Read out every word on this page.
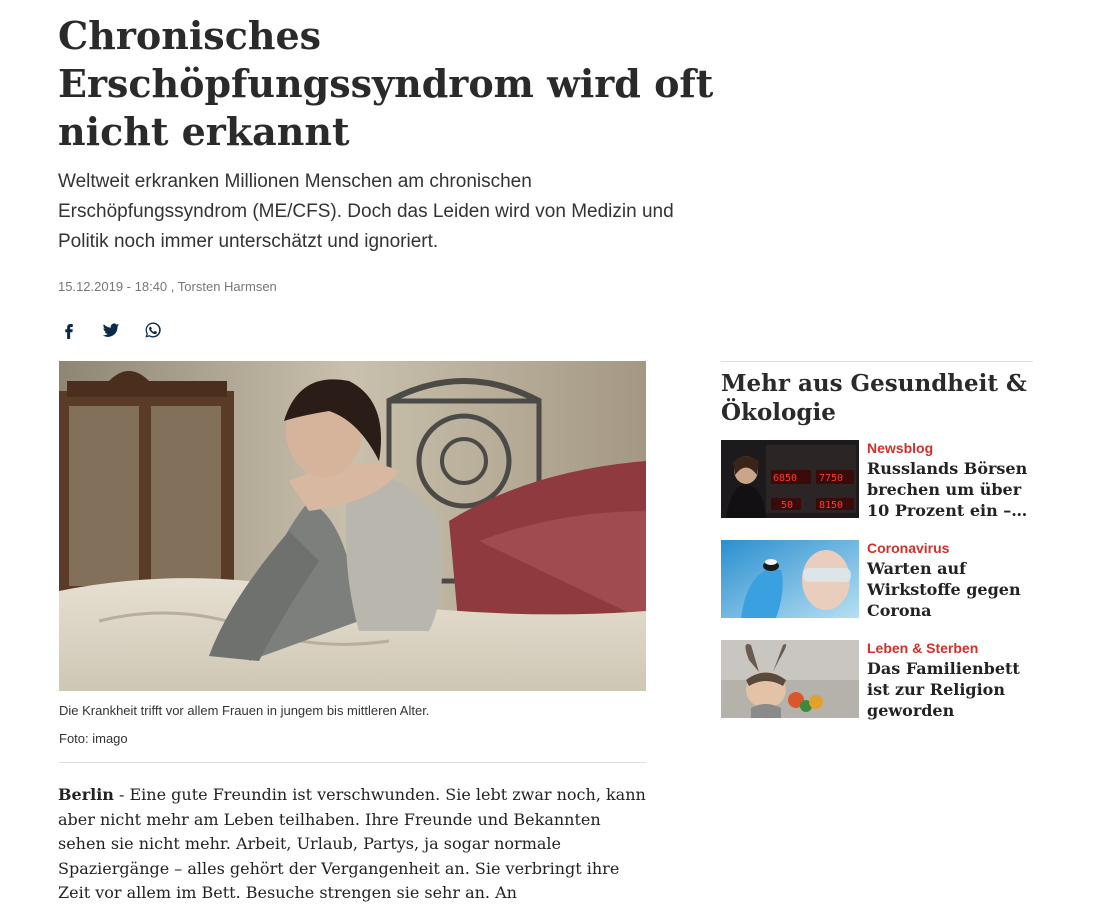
Chronisches Erschöpfungssyndrom wird oft nicht erkannt

Weltweit erkranken Millionen Menschen am chronischen Erschöpfungssyndrom (ME/CFS). Doch das Leiden wird von Medizin und Politik noch immer unterschätzt und ignoriert.

15.12.2019 - 18:40 , Torsten Harmsen
Die Krankheit trifft vor allem Frauen in jungem bis mittleren Alter.
Foto: imago

Berlin - Eine gute Freundin ist verschwunden. Sie lebt zwar noch, kann aber nicht mehr am Leben teilhaben. Ihre Freunde und Bekannten sehen sie nicht mehr. Arbeit, Urlaub, Partys, ja sogar normale Spaziergänge – alles gehört der Vergangenheit an. Sie verbringt ihre Zeit vor allem im Bett. Besuche strengen sie sehr an. An

Mehr aus Gesundheit & Ökologie
6850 7750
50	8150
Newsblog

Russlands Börsen brechen um über 10 Prozent ein –…

Coronavirus

Warten auf Wirkstoffe gegen Corona

Leben & Sterben

Das Familienbett ist zur Religion geworden
